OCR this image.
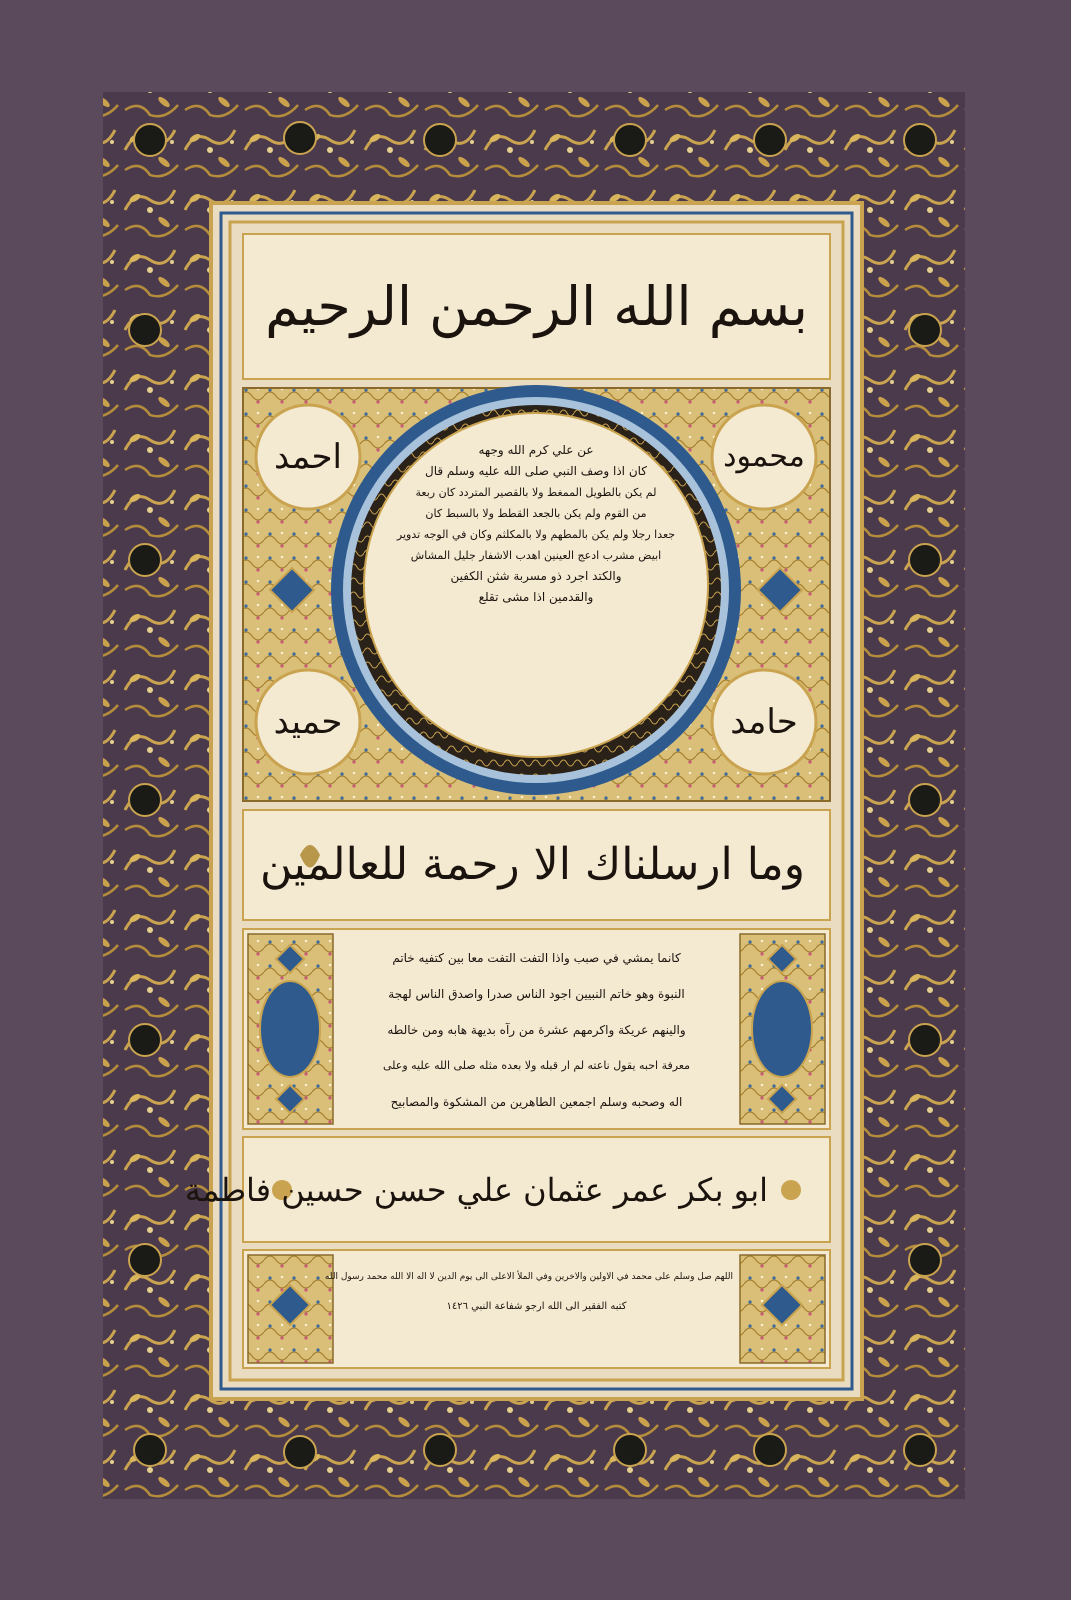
بسم الله الرحمن الرحيم
احمد	محمود
حميد	حامد
عن علي كرم الله وجهه
كان اذا وصف النبي صلى الله عليه وسلم قال
لم يكن بالطويل الممغط ولا بالقصير المتردد كان ربعة
من القوم ولم يكن بالجعد القطط ولا بالسبط كان
جعدا رجلا ولم يكن بالمطهم ولا بالمكلثم وكان في الوجه تدوير
ابيض مشرب ادعج العينين اهدب الاشفار جليل المشاش
والكتد اجرد ذو مسربة شثن الكفين
والقدمين اذا مشى تقلع
وما ارسلناك الا رحمة للعالمين
كانما يمشي في صبب واذا التفت التفت معا بين كتفيه خاتم
النبوة وهو خاتم النبيين اجود الناس صدرا واصدق الناس لهجة
والينهم عريكة واكرمهم عشرة من رآه بديهة هابه ومن خالطه
معرفة احبه يقول ناعته لم ار قبله ولا بعده مثله صلى الله عليه وعلى
اله وصحبه وسلم اجمعين الطاهرين من المشكوة والمصابيح
ابو بكر عمر عثمان علي حسن حسين فاطمة
اللهم صل وسلم على محمد في الاولين والاخرين وفي الملأ الاعلى الى يوم الدين لا اله الا الله محمد رسول الله
كتبه الفقير الى الله ارجو شفاعة النبي ١٤٢٦
